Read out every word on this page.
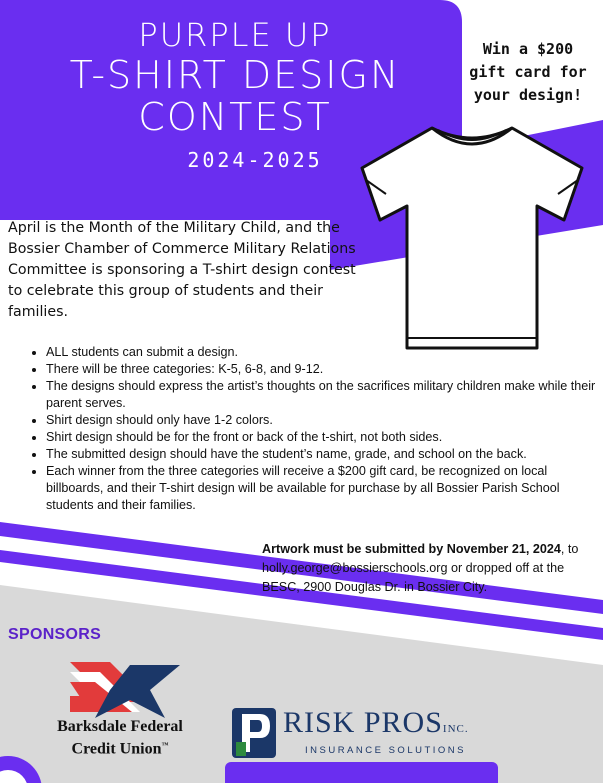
PURPLE UP
T-SHIRT DESIGN
CONTEST
2024-2025
Win a $200
gift card for
your design!
April is the Month of the Military Child, and the Bossier Chamber of Commerce Military Relations Committee is sponsoring a T-shirt design contest to celebrate this group of students and their families.
• ALL students can submit a design.
• There will be three categories: K-5, 6-8, and 9-12.
• The designs should express the artist’s thoughts on the sacrifices military children make while their parent serves.
• Shirt design should only have 1-2 colors.
• Shirt design should be for the front or back of the t-shirt, not both sides.
• The submitted design should have the student’s name, grade, and school on the back.
• Each winner from the three categories will receive a $200 gift card, be recognized on local billboards, and their T-shirt design will be available for purchase by all Bossier Parish School students and their families.
Artwork must be submitted by November 21, 2024, to holly.george@bossierschools.org or dropped off at the BESC, 2900 Douglas Dr. in Bossier City.
SPONSORS
Barksdale Federal
Credit Union™
RISK PROSINC.
INSURANCE SOLUTIONS
